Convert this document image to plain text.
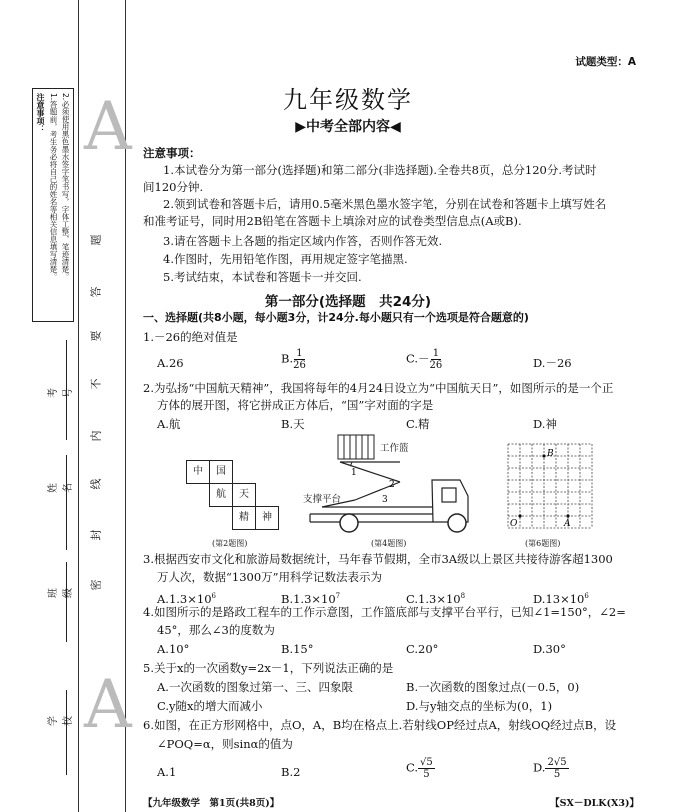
注意事项： 1.答题前，考生务必将自己的姓名等相关信息填写清楚。 2.必须使用黑色墨水签字笔书写，字体工整，笔迹清楚。 A
A
题
答
要
不
内
线
封
密
考号
姓名
班级
学校
试题类型：A
九年级数学
▶中考全部内容◀
注意事项：
1.本试卷分为第一部分(选择题)和第二部分(非选择题).全卷共8页，总分120分.考试时
间120分钟.
2.领到试卷和答题卡后，请用0.5毫米黑色墨水签字笔，分别在试卷和答题卡上填写姓名
和准考证号，同时用2B铅笔在答题卡上填涂对应的试卷类型信息点(A或B).
3.请在答题卡上各题的指定区域内作答，否则作答无效.
4.作图时，先用铅笔作图，再用规定签字笔描黑.
5.考试结束，本试卷和答题卡一并交回.
第一部分(选择题　共24分)
一、选择题(共8小题，每小题3分，计24分.每小题只有一个选项是符合题意的)
1.－26的绝对值是
A.26	B. $\frac{1}{26}$	$C.- \frac{1}{26}$	D.－26
2.为弘扬“中国航天精神”，我国将每年的4月24日设立为“中国航天日”，如图所示的是一个正
方体的展开图，将它拼成正方体后，“国”字对面的字是
A.航	B.天	C.精	D.神
中	国
航	天
精	神
(第2题图)
1
2
3
工作篮
支撑平台
(第4题图)
B
O	A
(第6题图)
3.根据西安市文化和旅游局数据统计，马年春节假期，全市3A级以上景区共接待游客超1300
万人次，数据“1300万”用科学记数法表示为
$A.1.3\times 10^6$	$B.1.3\times 10^7$	$C.1.3\times 10^8$	$D.13\times 10^6$
4.如图所示的是路政工程车的工作示意图，工作篮底部与支撑平台平行，已知∠1=150°，∠2=
45°，那么∠3的度数为
A.10°	B.15°	C.20°	D.30°
5.关于x的一次函数y=2x－1，下列说法正确的是
A.一次函数的图象过第一、三、四象限	B.一次函数的图象过点(－0.5，0)
C.y随x的增大而减小	D.与y轴交点的坐标为(0，1)
6.如图，在正方形网格中，点O，A，B均在格点上.若射线OP经过点A，射线OQ经过点B，设
∠POQ=α，则sinα的值为
A.1	B.2	C. $\frac{√5}{5}$	D. $\frac{2√5}{5}$
【九年级数学　第1页(共8页)】	【SX－DLK(X3)】
